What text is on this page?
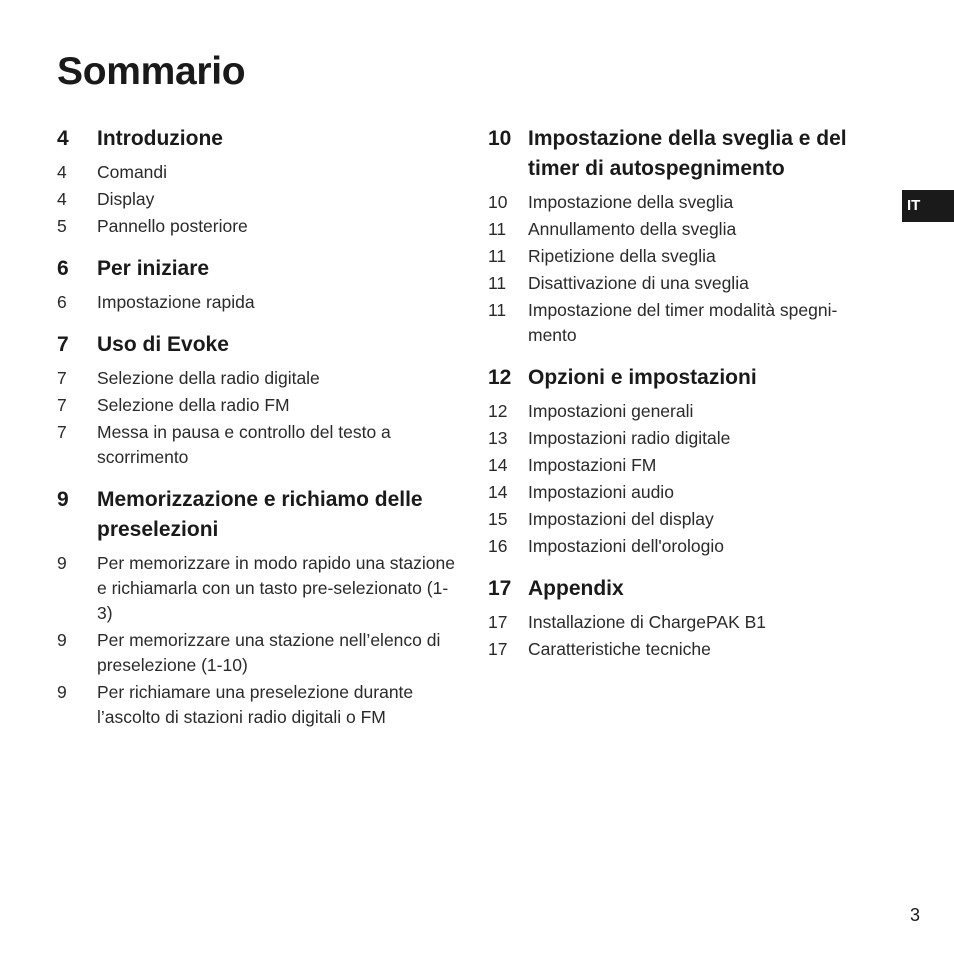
Sommario
4	Introduzione
4	Comandi
4	Display
5	Pannello posteriore
6	Per iniziare
6	Impostazione rapida
7	Uso di Evoke
7	Selezione della radio digitale
7	Selezione della radio FM
7	Messa in pausa e controllo del testo a scorrimento
9	Memorizzazione e richiamo delle preselezioni
9	Per memorizzare in modo rapido una stazione e richiamarla con un tasto pre-selezionato (1-3)
9	Per memorizzare una stazione nell’elenco di preselezione (1-10)
9	Per richiamare una preselezione durante l’ascolto di stazioni radio digitali o FM
10 Impostazione della sveglia e del timer di autospegnimento
10	Impostazione della sveglia
11	Annullamento della sveglia
11	Ripetizione della sveglia
11	Disattivazione di una sveglia
11	Impostazione del timer modalità spegni-mento
12 Opzioni e impostazioni
12	Impostazioni generali
13	Impostazioni radio digitale
14	Impostazioni FM
14	Impostazioni audio
15	Impostazioni del display
16	Impostazioni dell'orologio
17 Appendix
17	Installazione di ChargePAK B1
17	Caratteristiche tecniche
IT
3
